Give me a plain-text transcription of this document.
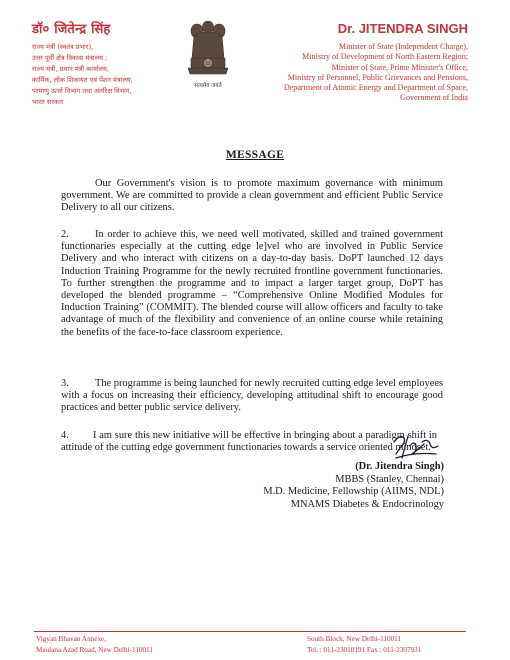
डॉ० जितेन्द्र सिंह
राज्य मंत्री (स्वतंत्र प्रभार),
उत्तर पूर्वी क्षेत्र विकास मंत्रालय ;
राज्य मंत्री, प्रधान मंत्री कार्यालय,
कार्मिक, लोक शिकायत एवं पेंशन मंत्रालय,
परमाणु ऊर्जा विभाग तथा अंतरिक्ष विभाग,
भारत सरकार
सत्यमेव जयते
Dr. JITENDRA SINGH
Minister of State (Independent Charge),
Ministry of Development of North Eastern Region;
Minister of State, Prime Minister's Office,
Ministry of Personnel, Public Grievances and Pensions,
Department of Atomic Energy and Department of Space,
Government of India
MESSAGE
Our Government's vision is to promote maximum governance with minimum government. We are committed to provide a clean government and efficient Public Service Delivery to all our citizens.
2.	In order to achieve this, we need well motivated, skilled and trained government functionaries especially at the cutting edge le]vel who are involved in Public Service Delivery and who interact with citizens on a day-to-day basis. DoPT launched 12 days Induction Training Programme for the newly recruited frontline government functionaries. To further strengthen the programme and to impact a larger target group, DoPT has developed the blended programme – “Comprehensive Online Modified Modules for Induction Training” (COMMIT). The blended course will allow officers and faculty to take advantage of much of the flexibility and convenience of an online course while retaining the benefits of the face-to-face classroom experience.
3.	The programme is being launched for newly recruited cutting edge level employees with a focus on increasing their efficiency, developing attitudinal shift to encourage good practices and better public service delivery.
4. I am sure this new initiative will be effective in bringing about a paradigm shift in attitude of the cutting edge government functionaries towards a service oriented mindset.
(Dr. Jitendra Singh)
MBBS (Stanley, Chennai)
M.D. Medicine, Fellowship (AIIMS, NDL)
MNAMS Diabetes & Endocrinology
Vigyan Bhavan Annexe,
Maulana Azad Road, New Delhi-110011
South Block, New Delhi-110011
Tel. : 011-23010191 Fax : 011-2307931
